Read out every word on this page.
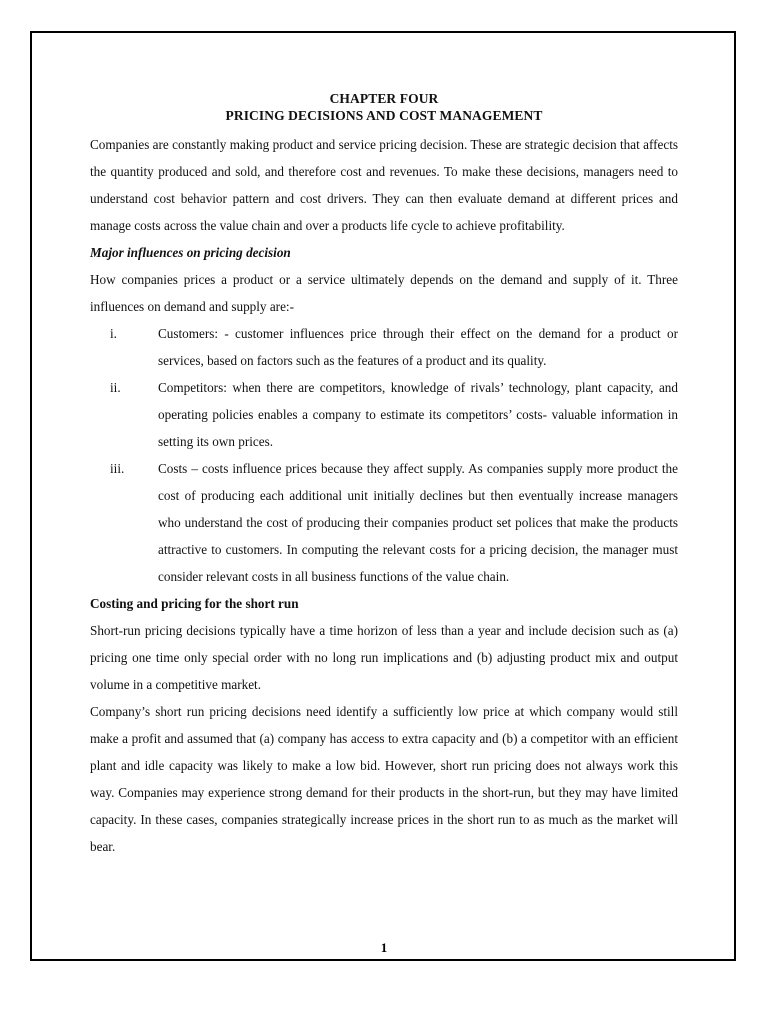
CHAPTER FOUR
PRICING DECISIONS AND COST MANAGEMENT

Companies are constantly making product and service pricing decision. These are strategic decision that affects the quantity produced and sold, and therefore cost and revenues. To make these decisions, managers need to understand cost behavior pattern and cost drivers. They can then evaluate demand at different prices and manage costs across the value chain and over a products life cycle to achieve profitability.

Major influences on pricing decision

How companies prices a product or a service ultimately depends on the demand and supply of it. Three influences on demand and supply are:-

i.	Customers: - customer influences price through their effect on the demand for a product or services, based on factors such as the features of a product and its quality.
ii.	Competitors: when there are competitors, knowledge of rivals’ technology, plant capacity, and operating policies enables a company to estimate its competitors’ costs- valuable information in setting its own prices.
iii.	Costs – costs influence prices because they affect supply. As companies supply more product the cost of producing each additional unit initially declines but then eventually increase managers who understand the cost of producing their companies product set polices that make the products attractive to customers. In computing the relevant costs for a pricing decision, the manager must consider relevant costs in all business functions of the value chain.

Costing and pricing for the short run

Short-run pricing decisions typically have a time horizon of less than a year and include decision such as (a) pricing one time only special order with no long run implications and (b) adjusting product mix and output volume in a competitive market.

Company’s short run pricing decisions need identify a sufficiently low price at which company would still make a profit and assumed that (a) company has access to extra capacity and (b) a competitor with an efficient plant and idle capacity was likely to make a low bid. However, short run pricing does not always work this way. Companies may experience strong demand for their products in the short-run, but they may have limited capacity. In these cases, companies strategically increase prices in the short run to as much as the market will bear.

1
